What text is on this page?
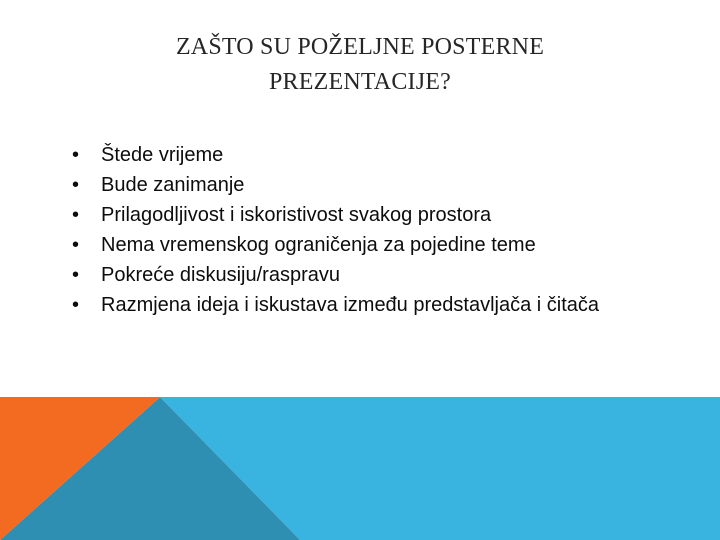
ZAŠTO SU POŽELJNE POSTERNE
PREZENTACIJE?
• Štede vrijeme
• Bude zanimanje
• Prilagodljivost i iskoristivost svakog prostora
• Nema vremenskog ograničenja za pojedine teme
• Pokreće diskusiju/raspravu
• Razmjena ideja i iskustava između predstavljača i čitača
